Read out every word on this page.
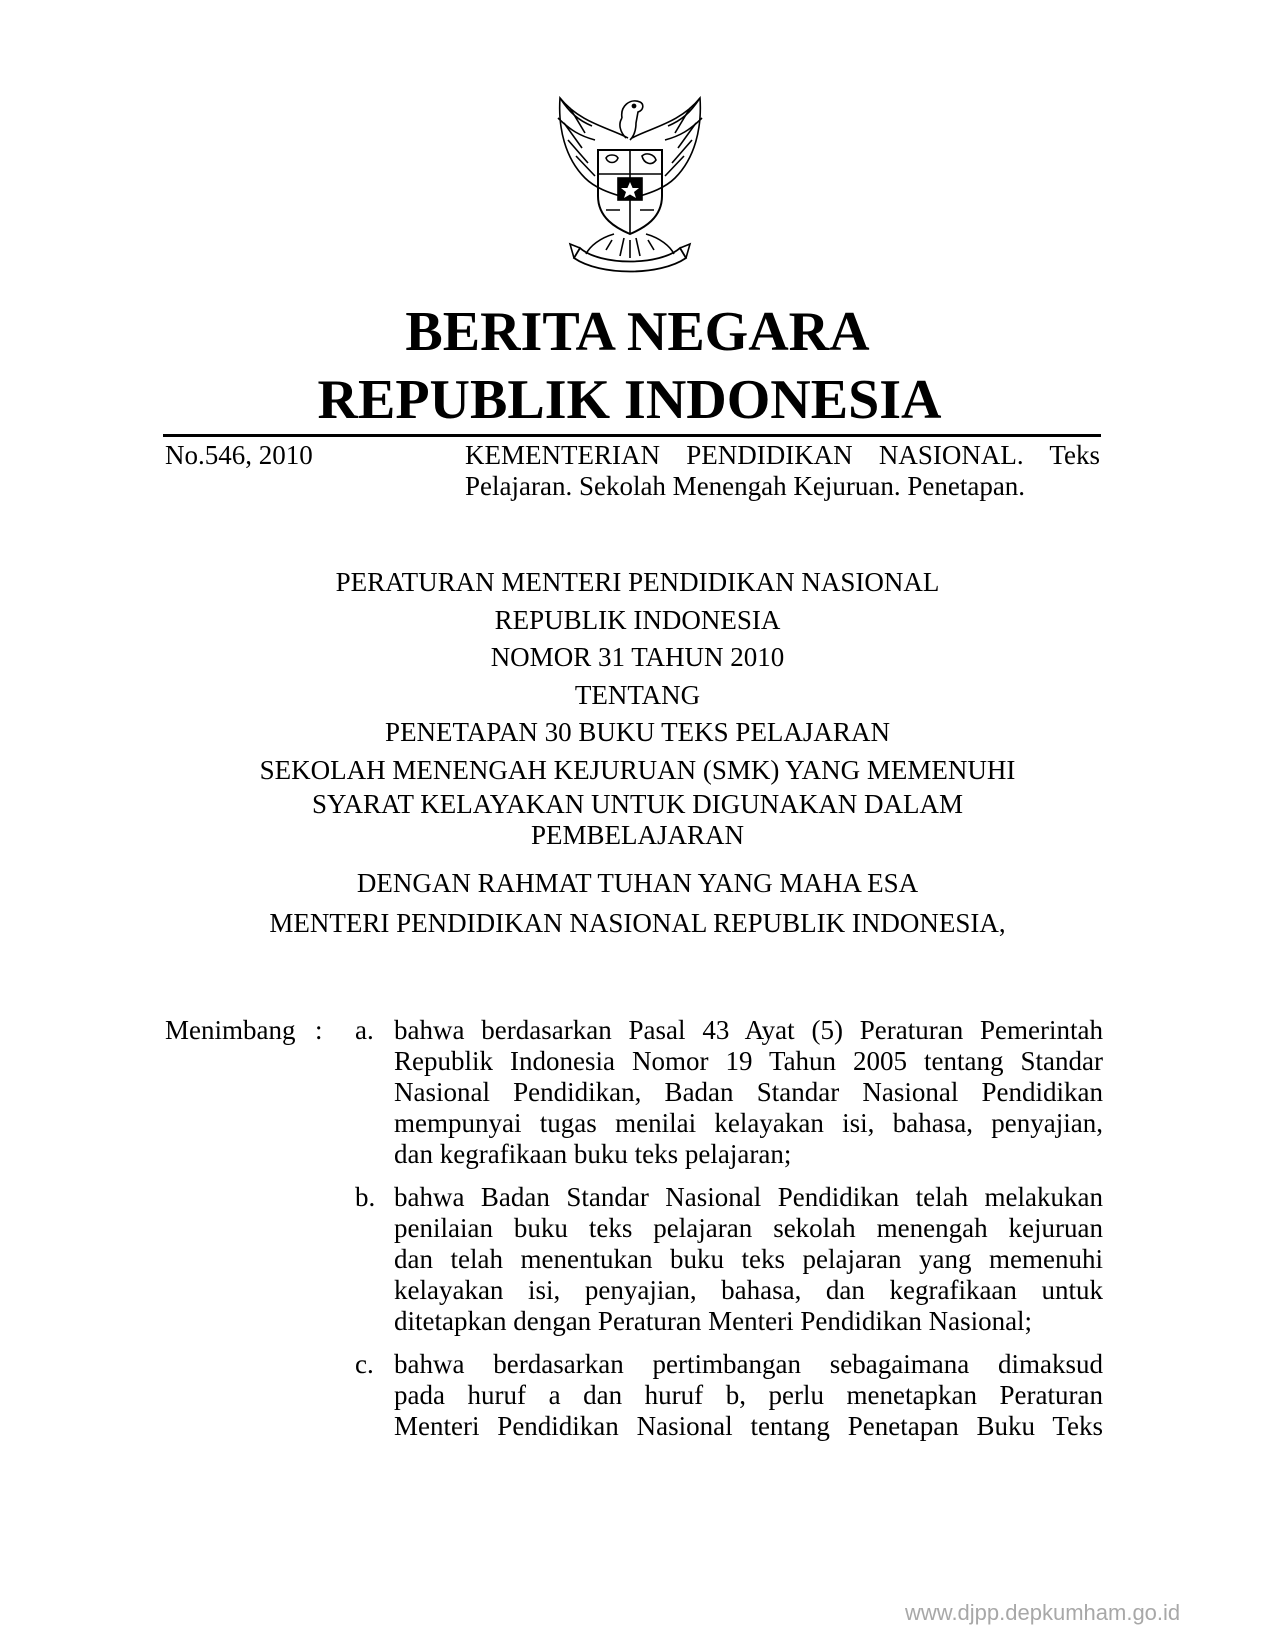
BERITA NEGARA
REPUBLIK INDONESIA
No.546, 2010	KEMENTERIAN PENDIDIKAN NASIONAL. Teks
Pelajaran. Sekolah Menengah Kejuruan. Penetapan.
PERATURAN MENTERI PENDIDIKAN NASIONAL
REPUBLIK INDONESIA
NOMOR 31 TAHUN 2010
TENTANG
PENETAPAN 30 BUKU TEKS PELAJARAN
SEKOLAH MENENGAH KEJURUAN (SMK) YANG MEMENUHI
SYARAT KELAYAKAN UNTUK DIGUNAKAN DALAM
PEMBELAJARAN
DENGAN RAHMAT TUHAN YANG MAHA ESA
MENTERI PENDIDIKAN NASIONAL REPUBLIK INDONESIA,
Menimbang : a. bahwa berdasarkan Pasal 43 Ayat (5) Peraturan Pemerintah
Republik Indonesia Nomor 19 Tahun 2005 tentang Standar
Nasional Pendidikan, Badan Standar Nasional Pendidikan
mempunyai tugas menilai kelayakan isi, bahasa, penyajian,
dan kegrafikaan buku teks pelajaran;
b. bahwa Badan Standar Nasional Pendidikan telah melakukan
penilaian buku teks pelajaran sekolah menengah kejuruan
dan telah menentukan buku teks pelajaran yang memenuhi
kelayakan isi, penyajian, bahasa, dan kegrafikaan untuk
ditetapkan dengan Peraturan Menteri Pendidikan Nasional;
c. bahwa berdasarkan pertimbangan sebagaimana dimaksud
pada huruf a dan huruf b, perlu menetapkan Peraturan
Menteri Pendidikan Nasional tentang Penetapan Buku Teks
www.djpp.depkumham.go.id
